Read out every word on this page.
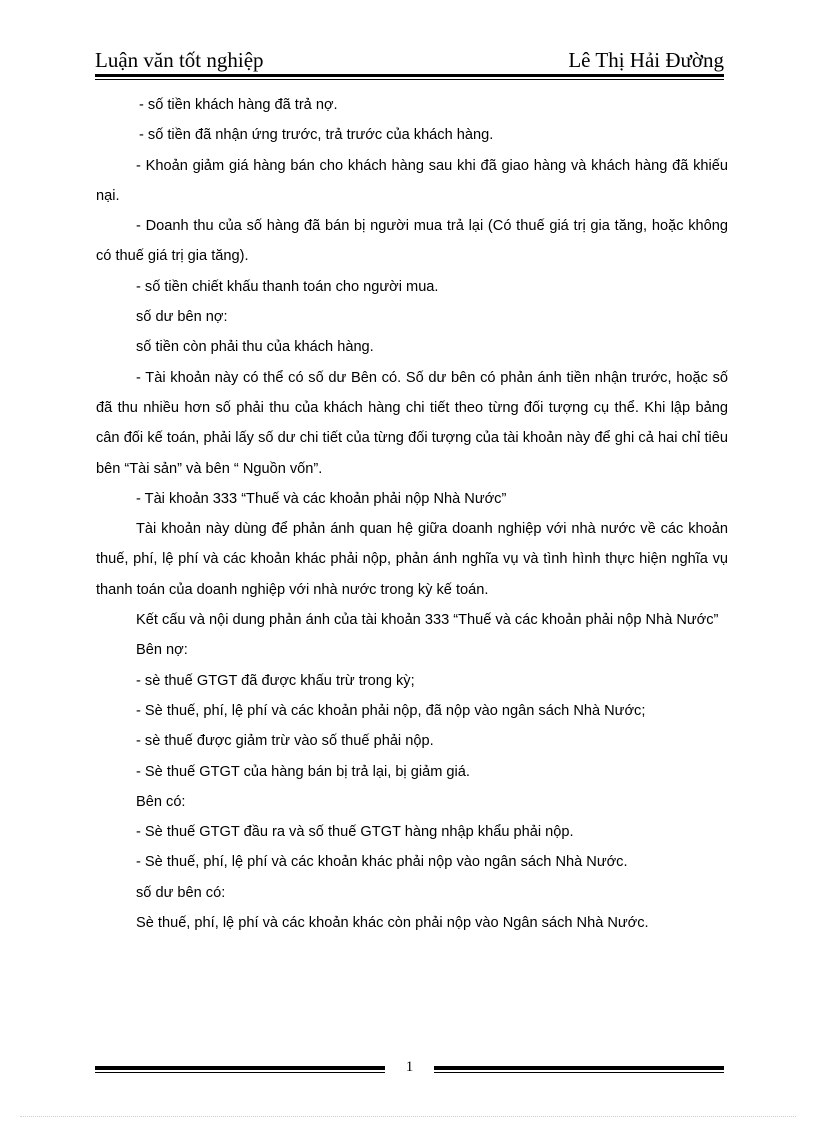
Luận văn tốt nghiệp	Lê Thị Hải Đường

- số tiền khách hàng đã trả nợ.

- số tiền đã nhận ứng trước, trả trước của khách hàng.

- Khoản giảm giá hàng bán cho khách hàng sau khi đã giao hàng và khách hàng đã khiếu nại.

- Doanh thu của số hàng đã bán bị người mua trả lại (Có thuế giá trị gia tăng, hoặc không có thuế giá trị gia tăng).

- số tiền chiết khấu thanh toán cho người mua.

số dư bên nợ:

số tiền còn phải thu của khách hàng.

- Tài khoản này có thể có số dư Bên có. Số dư bên có phản ánh tiền nhận trước, hoặc số đã thu nhiều hơn số phải thu của khách hàng chi tiết theo từng đối tượng cụ thể. Khi lập bảng cân đối kế toán, phải lấy số dư chi tiết của từng đối tượng của tài khoản này để ghi cả hai chỉ tiêu bên “Tài sản” và bên “ Nguồn vốn”.

- Tài khoản 333 “Thuế và các khoản phải nộp Nhà Nước”

Tài khoản này dùng để phản ánh quan hệ giữa doanh nghiệp với nhà nước về các khoản thuế, phí, lệ phí và các khoản khác phải nộp, phản ánh nghĩa vụ và tình hình thực hiện nghĩa vụ thanh toán của doanh nghiệp với nhà nước trong kỳ kế toán.

Kết cấu và nội dung phản ánh của tài khoản 333 “Thuế và các khoản phải nộp Nhà Nước”

Bên nợ:

- sè thuế GTGT đã được khấu trừ trong kỳ;

- Sè thuế, phí, lệ phí và các khoản phải nộp, đã nộp vào ngân sách Nhà Nước;

- sè thuế được giảm trừ vào số thuế phải nộp.

- Sè thuế GTGT của hàng bán bị trả lại, bị giảm giá.

Bên có:

- Sè thuế GTGT đầu ra và số thuế GTGT hàng nhập khẩu phải nộp.

- Sè thuế, phí, lệ phí và các khoản khác phải nộp vào ngân sách Nhà Nước.

số dư bên có:

Sè thuế, phí, lệ phí và các khoản khác còn phải nộp vào Ngân sách Nhà Nước.

1
